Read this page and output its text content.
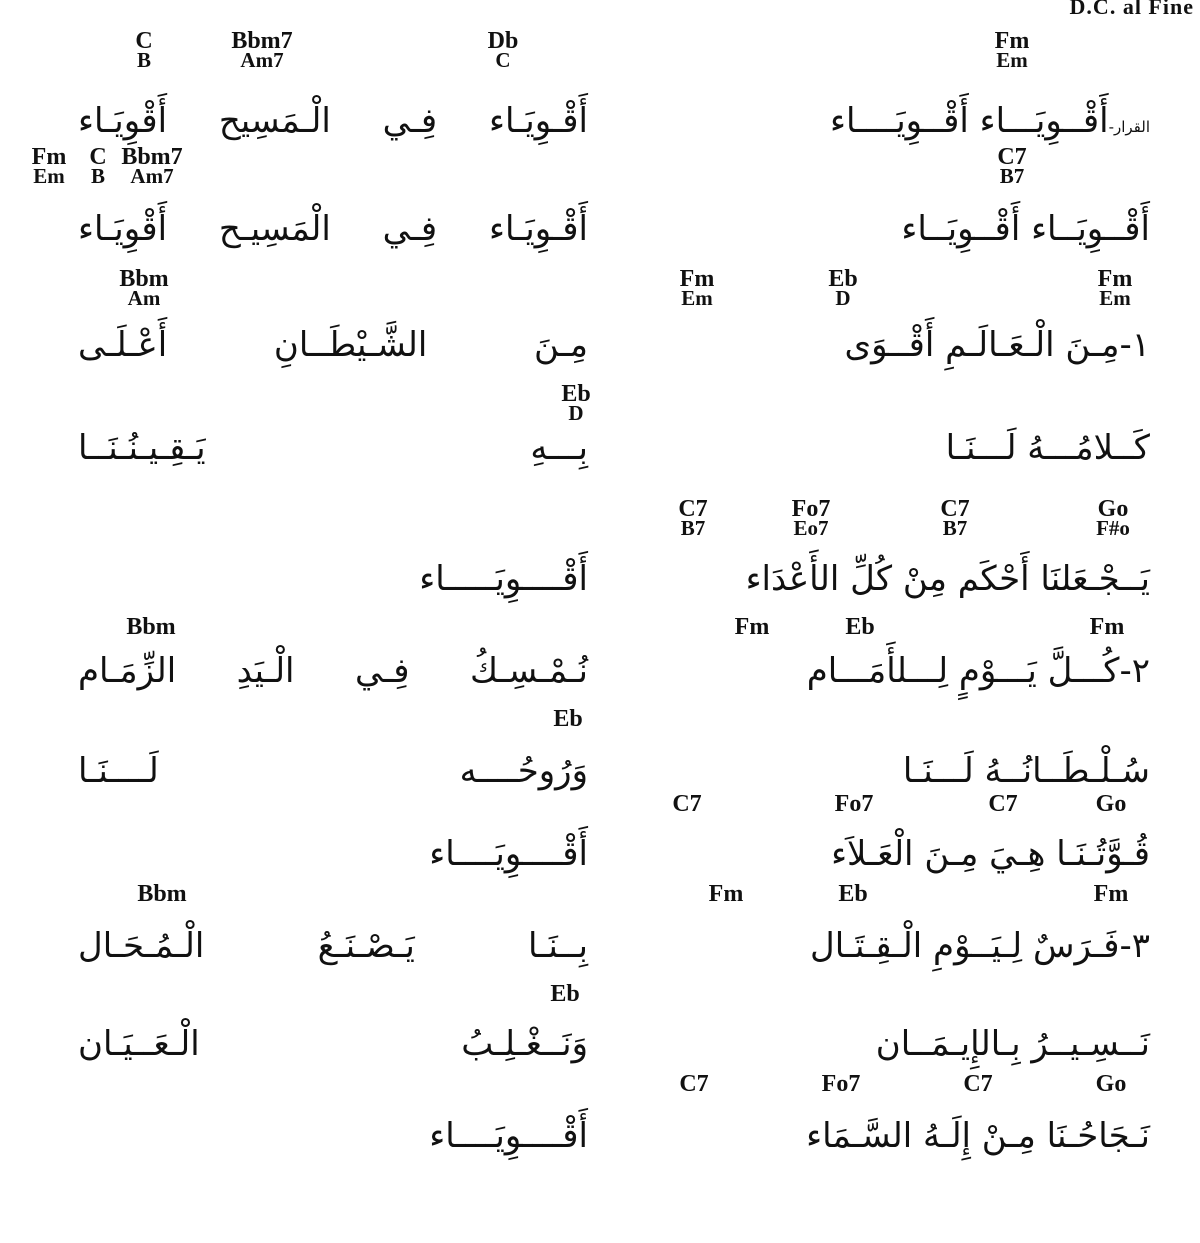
D.C. al Fine
C
B
Bbm7
Am7
Db
C
Fm
Em
القرار-أَقْــوِيَـــاء أَقْــوِيَــــاء
أَقْـوِيَـاء فِـي الْـمَسِيح أَقْوِيَـاء
Fm
Em
C
B
Bbm7
Am7
C7
B7
أَقْــوِيَــاء أَقْــوِيَــاء
أَقْـوِيَـاء فِـي الْمَسِيـح أَقْوِيَـاء
Bbm
Am
Fm
Em
Eb
D
Fm
Em
١-مِـنَ الْـعَـالَـمِ أَقْــوَى
مِـنَ الشَّـيْطَــانِ أَعْـلَـى
Eb
D
كَــلامُـــهُ لَـــنَـا
بِـــهِ يَـقِـيـنُـنَــا
C7
B7
Fo7
Eo7
C7
B7
Go
F#o
يَــجْـعَلنَا أَحْكَم مِنْ كُلِّ الأَعْدَاء
أَقْــــوِيَـــــاء
Bbm	Fm	Eb	Fm
٢-كُـــلَّ يَـــوْمٍ لِـــلأَمَـــام
نُـمْـسِـكُ فِـي الْـيَدِ الزِّمَـام
Eb
سُـلْـطَــانُــهُ لَـــنَـا
وَرُوحُــــه لَــــنَـا
C7	Fo7	C7	Go
قُـوَّتُـنَـا هِـيَ مِـنَ الْعَـلاَء
أَقْــــوِيَــــاء
Bbm	Fm	Eb	Fm
٣-فَـرَسٌ لِـيَــوْمِ الْـقِـتَـال
بِــنَـا يَـصْـنَـعُ الْـمُـحَـال
Eb
نَــسِـيــرُ بِـالإِيـمَــان
وَنَــغْـلِـبُ الْـعَــيَـان
C7	Fo7	C7	Go
نَـجَاحُـنَا مِـنْ إِلَـهُ السَّـمَاء
أَقْــــوِيَــــاء
